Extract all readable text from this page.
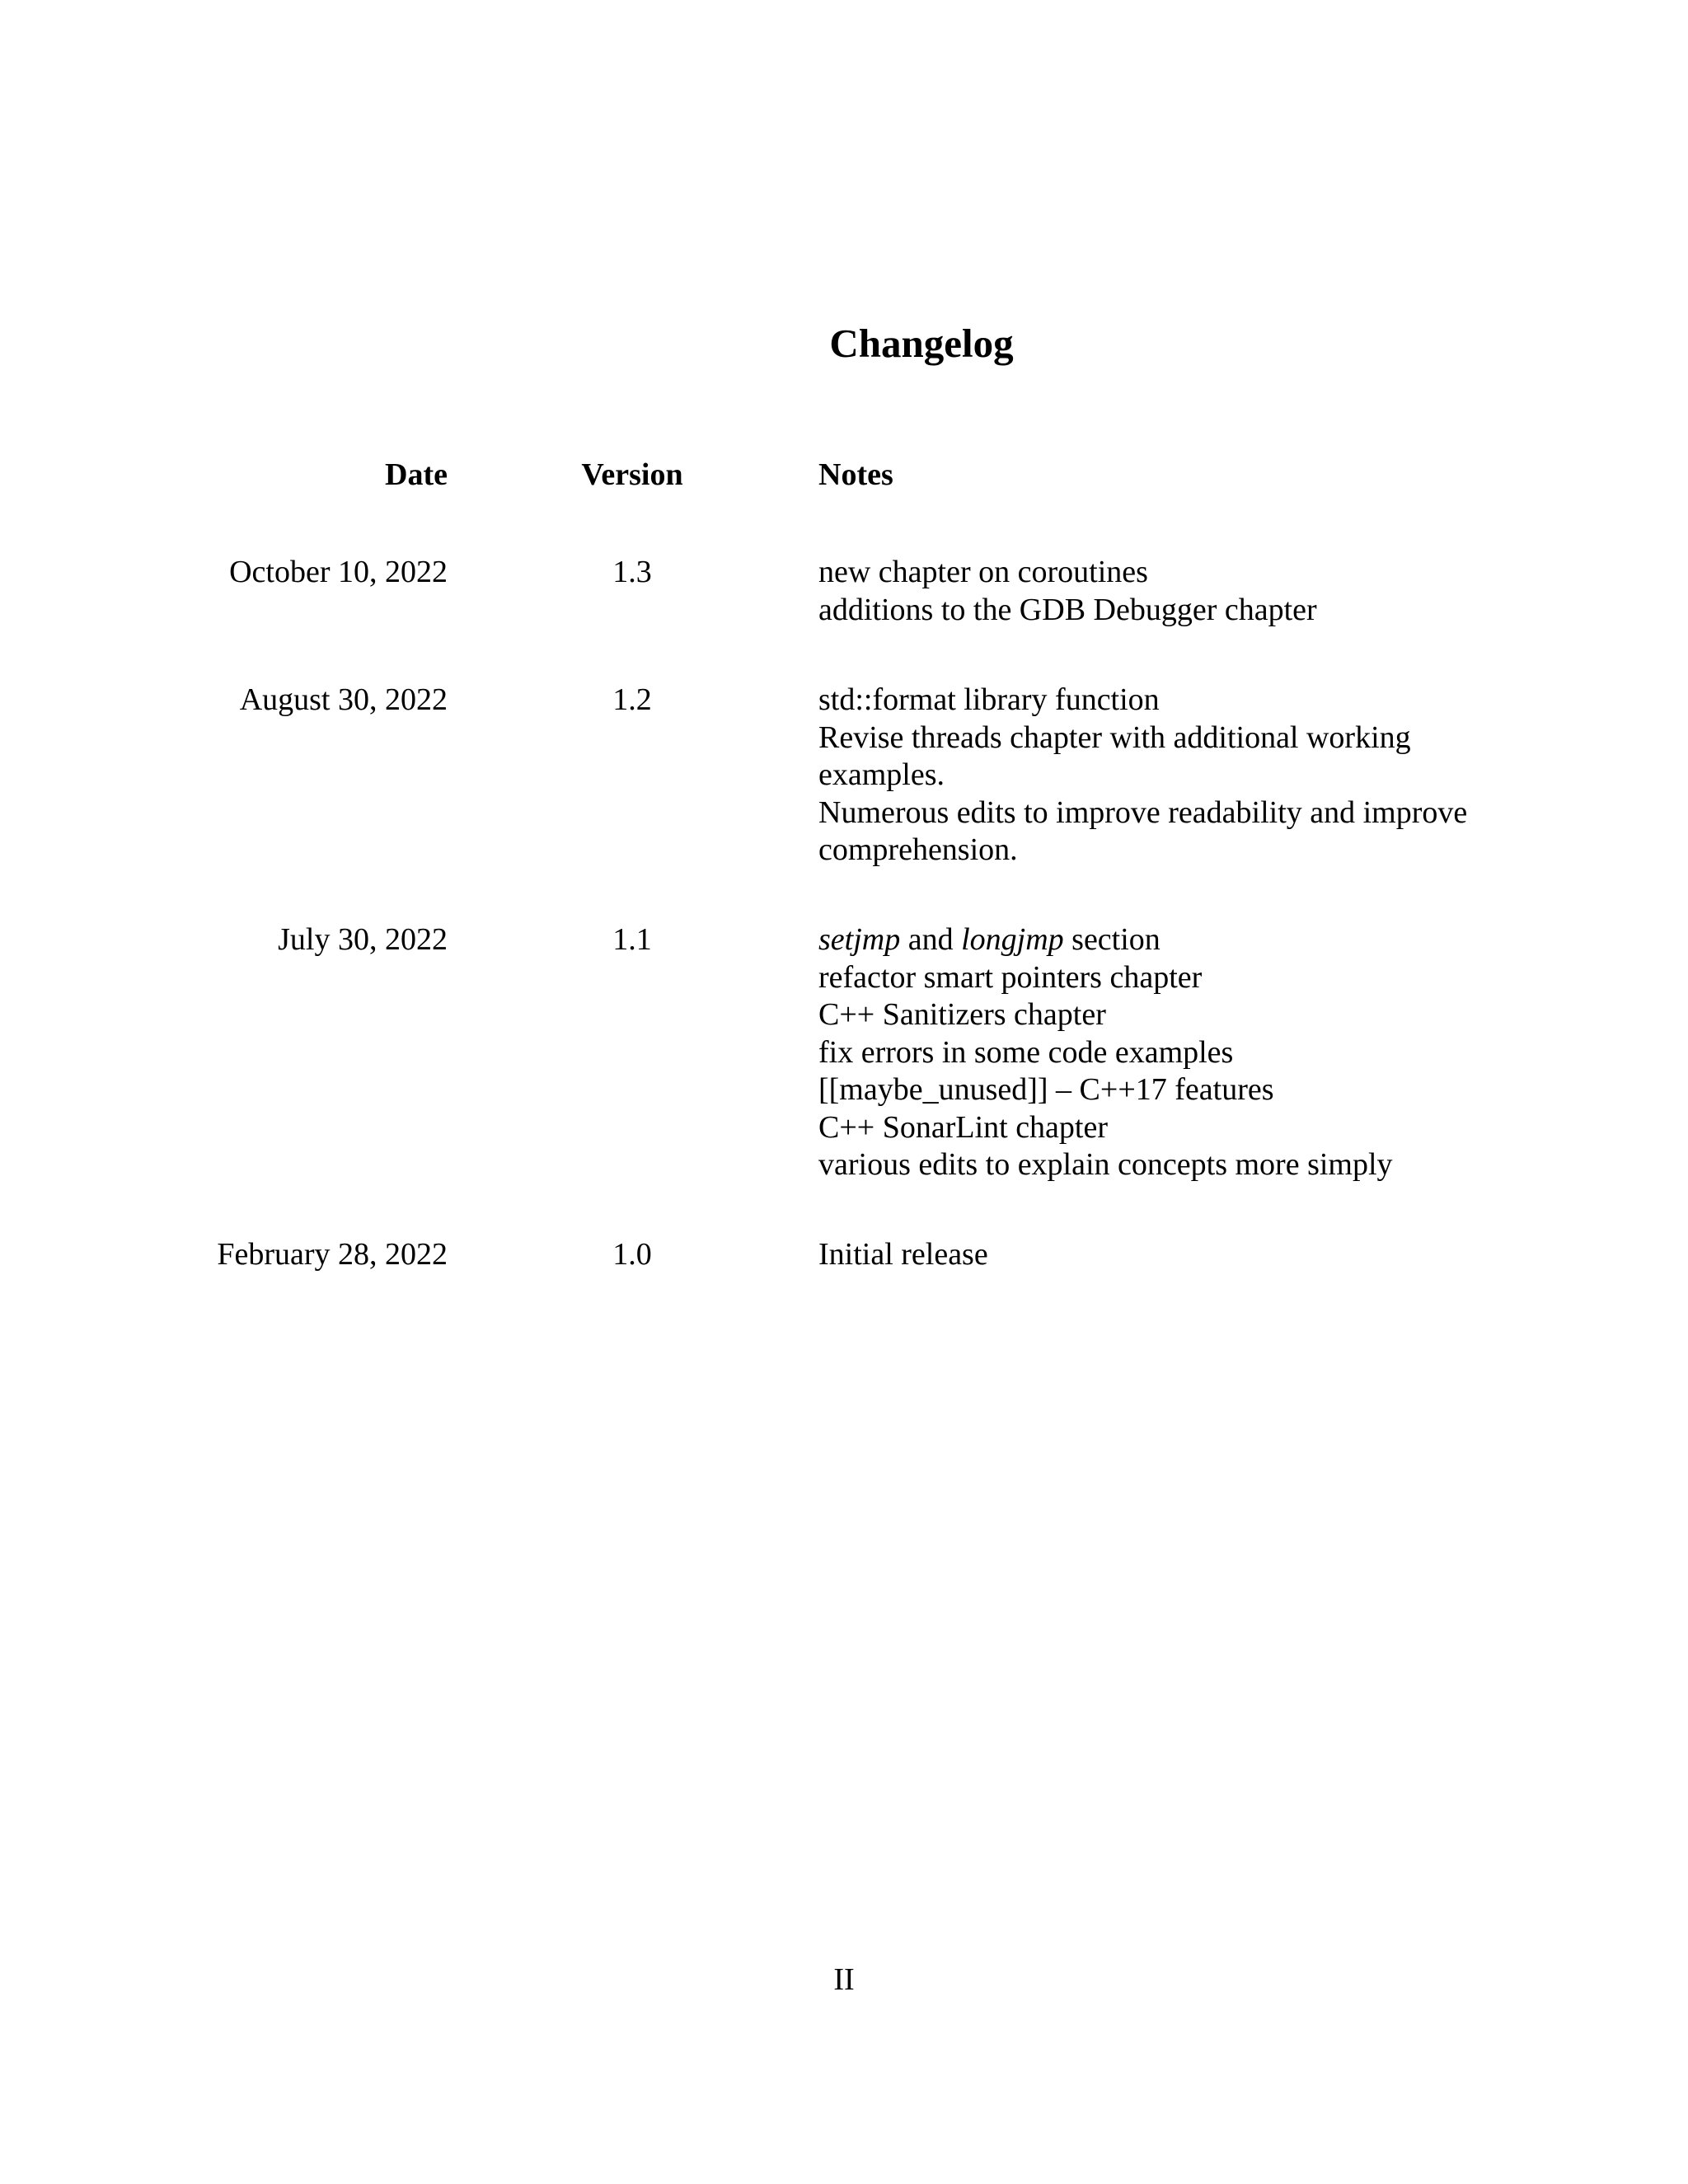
Changelog
Date	Version	Notes
October 10, 2022	1.3	new chapter on coroutines
additions to the GDB Debugger chapter
August 30, 2022	1.2	std::format library function
Revise threads chapter with additional working
examples.
Numerous edits to improve readability and improve
comprehension.
July 30, 2022	1.1	setjmp and longjmp section
refactor smart pointers chapter
C++ Sanitizers chapter
fix errors in some code examples
[[maybe_unused]] – C++17 features
C++ SonarLint chapter
various edits to explain concepts more simply
February 28, 2022	1.0	Initial release
II
